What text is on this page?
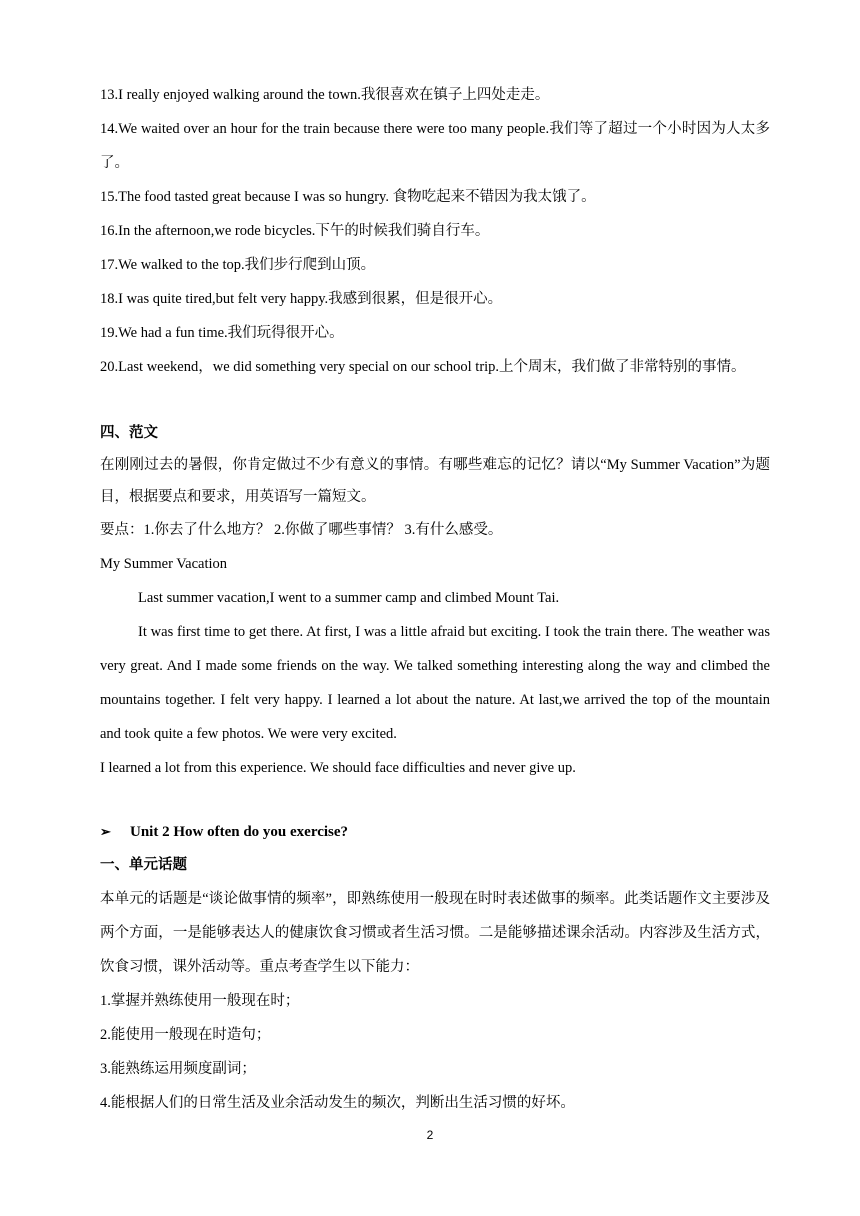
13.I really enjoyed walking around the town.我很喜欢在镇子上四处走走。
14.We waited over an hour for the train because there were too many people.我们等了超过一个小时因为人太多了。
15.The food tasted great because I was so hungry. 食物吃起来不错因为我太饿了。
16.In the afternoon,we rode bicycles.下午的时候我们骑自行车。
17.We walked to the top.我们步行爬到山顶。
18.I was quite tired,but felt very happy.我感到很累，但是很开心。
19.We had a fun time.我们玩得很开心。
20.Last weekend，we did something very special on our school trip.上个周末，我们做了非常特别的事情。
四、范文
在刚刚过去的暑假，你肯定做过不少有意义的事情。有哪些难忘的记忆？请以“My Summer Vacation”为题目，根据要点和要求，用英语写一篇短文。
要点：1.你去了什么地方？ 2.你做了哪些事情？ 3.有什么感受。
My Summer Vacation
Last summer vacation,I went to a summer camp and climbed Mount Tai.
It was first time to get there. At first, I was a little afraid but exciting. I took the train there. The weather was very great. And I made some friends on the way. We talked something interesting along the way and climbed the mountains together. I felt very happy. I learned a lot about the nature. At last,we arrived the top of the mountain and took quite a few photos. We were very excited.
I learned a lot from this experience. We should face difficulties and never give up.
➢	Unit 2 How often do you exercise?
一、单元话题
本单元的话题是“谈论做事情的频率”，即熟练使用一般现在时时表述做事的频率。此类话题作文主要涉及两个方面，一是能够表达人的健康饮食习惯或者生活习惯。二是能够描述课余活动。内容涉及生活方式，饮食习惯，课外活动等。重点考查学生以下能力：
1.掌握并熟练使用一般现在时；
2.能使用一般现在时造句；
3.能熟练运用频度副词；
4.能根据人们的日常生活及业余活动发生的频次，判断出生活习惯的好坏。
2
